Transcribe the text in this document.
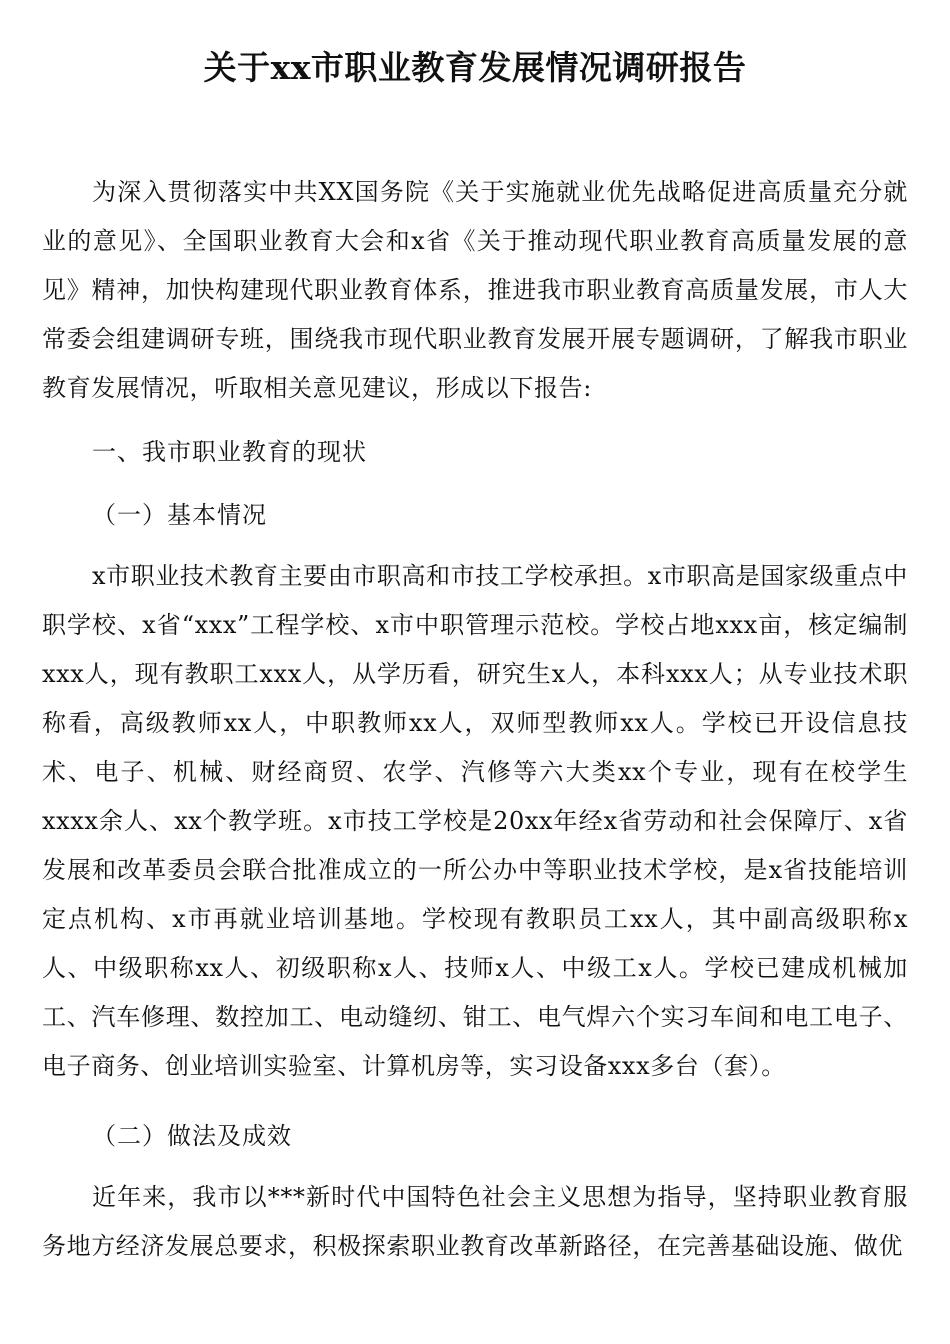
关于xx市职业教育发展情况调研报告

为深入贯彻落实中共XX国务院《关于实施就业优先战略促进高质量充分就业的意见》、全国职业教育大会和x省《关于推动现代职业教育高质量发展的意见》精神，加快构建现代职业教育体系，推进我市职业教育高质量发展，市人大常委会组建调研专班，围绕我市现代职业教育发展开展专题调研，了解我市职业教育发展情况，听取相关意见建议，形成以下报告:

一、我市职业教育的现状

（一）基本情况

x市职业技术教育主要由市职高和市技工学校承担。x市职高是国家级重点中职学校、x省“xxx”工程学校、x市中职管理示范校。学校占地xxx亩，核定编制xxx人，现有教职工xxx人，从学历看，研究生x人，本科xxx人；从专业技术职称看，高级教师xx人，中职教师xx人，双师型教师xx人。学校已开设信息技术、电子、机械、财经商贸、农学、汽修等六大类xx个专业，现有在校学生xxxx余人、xx个教学班。x市技工学校是20xx年经x省劳动和社会保障厅、x省发展和改革委员会联合批准成立的一所公办中等职业技术学校，是x省技能培训定点机构、x市再就业培训基地。学校现有教职员工xx人，其中副高级职称x人、中级职称xx人、初级职称x人、技师x人、中级工x人。学校已建成机械加工、汽车修理、数控加工、电动缝纫、钳工、电气焊六个实习车间和电工电子、电子商务、创业培训实验室、计算机房等，实习设备xxx多台（套）。

（二）做法及成效

近年来，我市以***新时代中国特色社会主义思想为指导，坚持职业教育服务地方经济发展总要求，积极探索职业教育改革新路径，在完善基础设施、做优
